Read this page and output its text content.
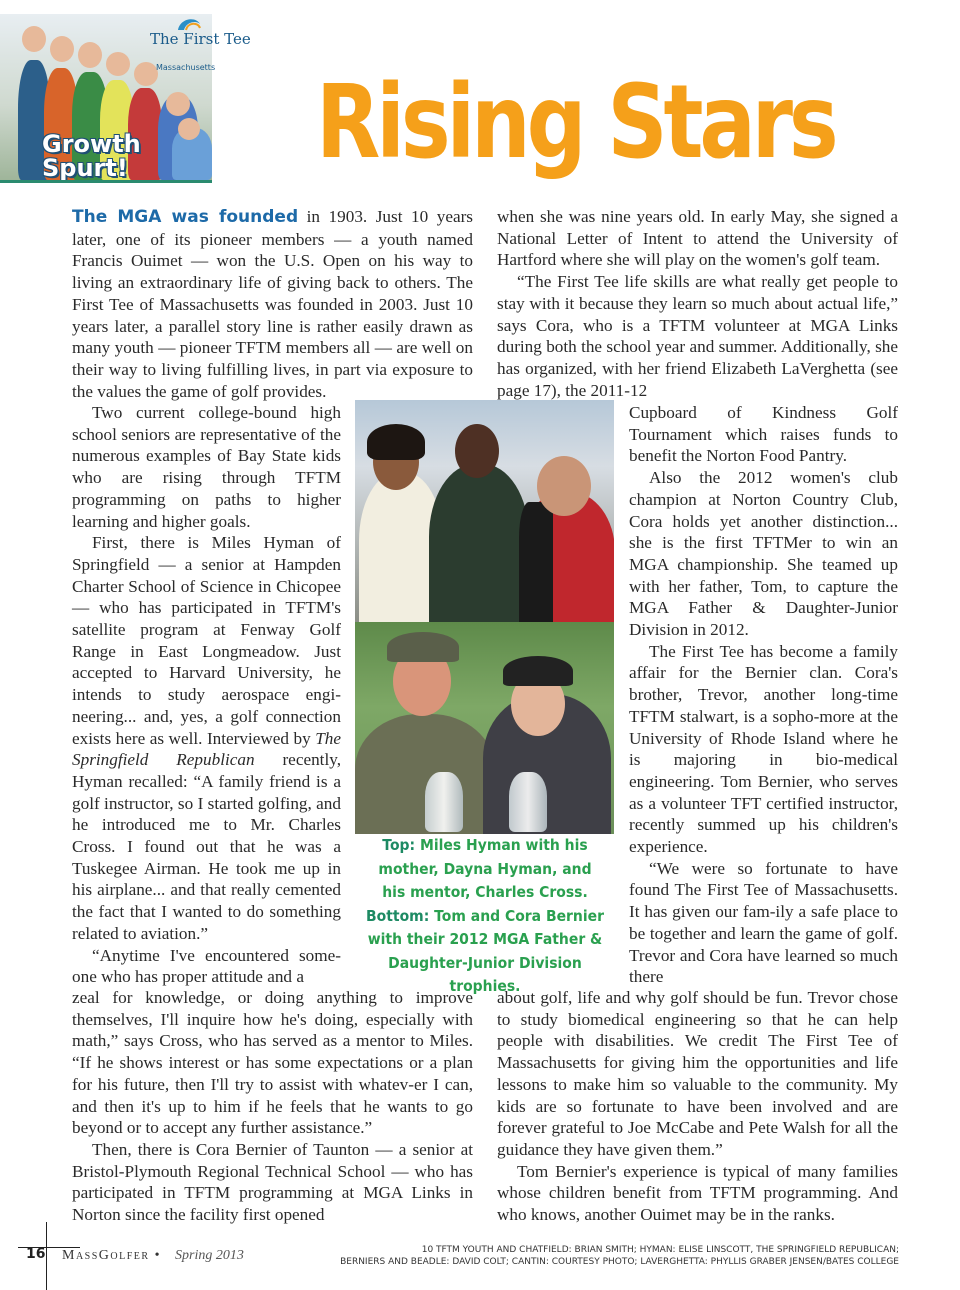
Growth Spurt!
The First Tee
Massachusetts Rising Stars

The MGA was founded in 1903. Just 10 years later, one of its pioneer members — a youth named Francis Ouimet — won the U.S. Open on his way to living an extraordinary life of giving back to others. The First Tee of Massachusetts was founded in 2003. Just 10 years later, a parallel story line is rather easily drawn as many youth — pioneer TFTM members all — are well on their way to living fulfilling lives, in part via exposure to the values the game of golf provides.

Two current college-bound high school seniors are representative of the numerous examples of Bay State kids who are rising through TFTM programming on paths to higher learning and higher goals.

First, there is Miles Hyman of Springfield — a senior at Hampden Charter School of Science in Chicopee — who has participated in TFTM's satellite program at Fenway Golf Range in East Longmeadow. Just accepted to Harvard University, he intends to study aerospace engi-neering... and, yes, a golf connection exists here as well. Interviewed by The Springfield Republican recently, Hyman recalled: “A family friend is a golf instructor, so I started golfing, and he introduced me to Mr. Charles Cross. I found out that he was a Tuskegee Airman. He took me up in his airplane... and that really cemented the fact that I wanted to do something related to aviation.”

“Anytime I've encountered some-one who has proper attitude and a

zeal for knowledge, or doing anything to improve themselves, I'll inquire how he's doing, especially with math,” says Cross, who has served as a mentor to Miles. “If he shows interest or has some expectations or a plan for his future, then I'll try to assist with whatev-er I can, and then it's up to him if he feels that he wants to go beyond or to accept any further assistance.”

Then, there is Cora Bernier of Taunton — a senior at Bristol-Plymouth Regional Technical School — who has participated in TFTM programming at MGA Links in Norton since the facility first opened

when she was nine years old. In early May, she signed a National Letter of Intent to attend the University of Hartford where she will play on the women's golf team.

“The First Tee life skills are what really get people to stay with it because they learn so much about actual life,” says Cora, who is a TFTM volunteer at MGA Links during both the school year and summer. Additionally, she has organized, with her friend Elizabeth LaVerghetta (see page 17), the 2011-12

Cupboard of Kindness Golf Tournament which raises funds to benefit the Norton Food Pantry.

Also the 2012 women's club champion at Norton Country Club, Cora holds yet another distinction... she is the first TFTMer to win an MGA championship. She teamed up with her father, Tom, to capture the MGA Father & Daughter-Junior Division in 2012.

The First Tee has become a family affair for the Bernier clan. Cora's brother, Trevor, another long-time TFTM stalwart, is a sopho-more at the University of Rhode Island where he is majoring in bio-medical engineering. Tom Bernier, who serves as a volunteer TFT certified instructor, recently summed up his children's experience.

“We were so fortunate to have found The First Tee of Massachusetts. It has given our fam-ily a safe place to be together and learn the game of golf. Trevor and Cora have learned so much there

about golf, life and why golf should be fun. Trevor chose to study biomedical engineering so that he can help people with disabilities. We credit The First Tee of Massachusetts for giving him the opportunities and life lessons to make him so valuable to the community. My kids are so fortunate to have been involved and are forever grateful to Joe McCabe and Pete Walsh for all the guidance they have given them.”

Tom Bernier's experience is typical of many families whose children benefit from TFTM programming. And who knows, another Ouimet may be in the ranks.

Top: Miles Hyman with his mother, Dayna Hyman, and his mentor, Charles Cross.
Bottom: Tom and Cora Bernier with their 2012 MGA Father & Daughter-Junior Division trophies.
16 MassGolfer • Spring 2013	10 TFTM YOUTH AND CHATFIELD: BRIAN SMITH; HYMAN: ELISE LINSCOTT, THE SPRINGFIELD REPUBLICAN;
BERNIERS AND BEADLE: DAVID COLT; CANTIN: COURTESY PHOTO; LAVERGHETTA: PHYLLIS GRABER JENSEN/BATES COLLEGE
